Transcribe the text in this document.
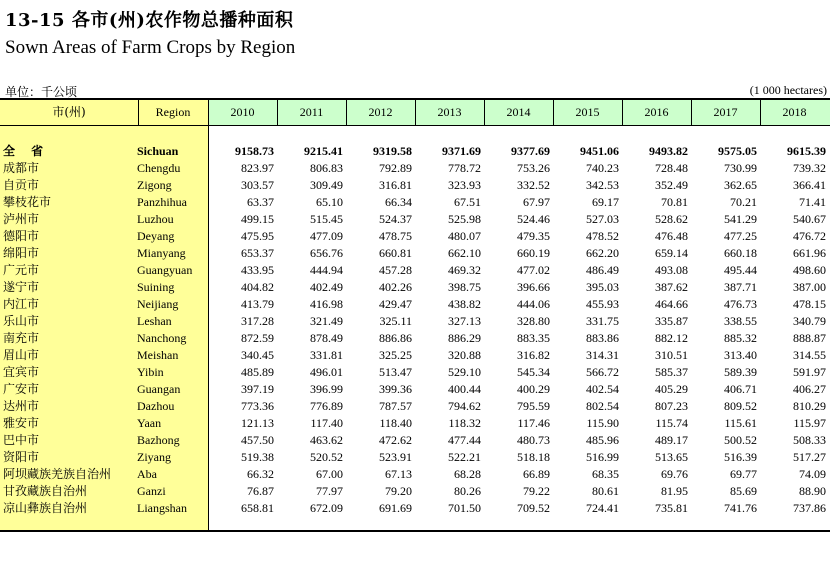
13-15 各市(州)农作物总播种面积
Sown Areas of Farm Crops by Region
单位：千公顷	(1 000 hectares)
市(州)	Region	2010	2011	2012	2013	2014	2015	2016	2017	2018
全 省	Sichuan	9158.73	9215.41	9319.58	9371.69	9377.69	9451.06	9493.82	9575.05	9615.39
成都市	Chengdu	823.97	806.83	792.89	778.72	753.26	740.23	728.48	730.99	739.32
自贡市	Zigong	303.57	309.49	316.81	323.93	332.52	342.53	352.49	362.65	366.41
攀枝花市	Panzhihua	63.37	65.10	66.34	67.51	67.97	69.17	70.81	70.21	71.41
泸州市	Luzhou	499.15	515.45	524.37	525.98	524.46	527.03	528.62	541.29	540.67
德阳市	Deyang	475.95	477.09	478.75	480.07	479.35	478.52	476.48	477.25	476.72
绵阳市	Mianyang	653.37	656.76	660.81	662.10	660.19	662.20	659.14	660.18	661.96
广元市	Guangyuan	433.95	444.94	457.28	469.32	477.02	486.49	493.08	495.44	498.60
遂宁市	Suining	404.82	402.49	402.26	398.75	396.66	395.03	387.62	387.71	387.00
内江市	Neijiang	413.79	416.98	429.47	438.82	444.06	455.93	464.66	476.73	478.15
乐山市	Leshan	317.28	321.49	325.11	327.13	328.80	331.75	335.87	338.55	340.79
南充市	Nanchong	872.59	878.49	886.86	886.29	883.35	883.86	882.12	885.32	888.87
眉山市	Meishan	340.45	331.81	325.25	320.88	316.82	314.31	310.51	313.40	314.55
宜宾市	Yibin	485.89	496.01	513.47	529.10	545.34	566.72	585.37	589.39	591.97
广安市	Guangan	397.19	396.99	399.36	400.44	400.29	402.54	405.29	406.71	406.27
达州市	Dazhou	773.36	776.89	787.57	794.62	795.59	802.54	807.23	809.52	810.29
雅安市	Yaan	121.13	117.40	118.40	118.32	117.46	115.90	115.74	115.61	115.97
巴中市	Bazhong	457.50	463.62	472.62	477.44	480.73	485.96	489.17	500.52	508.33
资阳市	Ziyang	519.38	520.52	523.91	522.21	518.18	516.99	513.65	516.39	517.27
阿坝藏族羌族自治州 Aba	66.32	67.00	67.13	68.28	66.89	68.35	69.76	69.77	74.09
甘孜藏族自治州	Ganzi	76.87	77.97	79.20	80.26	79.22	80.61	81.95	85.69	88.90
凉山彝族自治州	Liangshan	658.81	672.09	691.69	701.50	709.52	724.41	735.81	741.76	737.86
